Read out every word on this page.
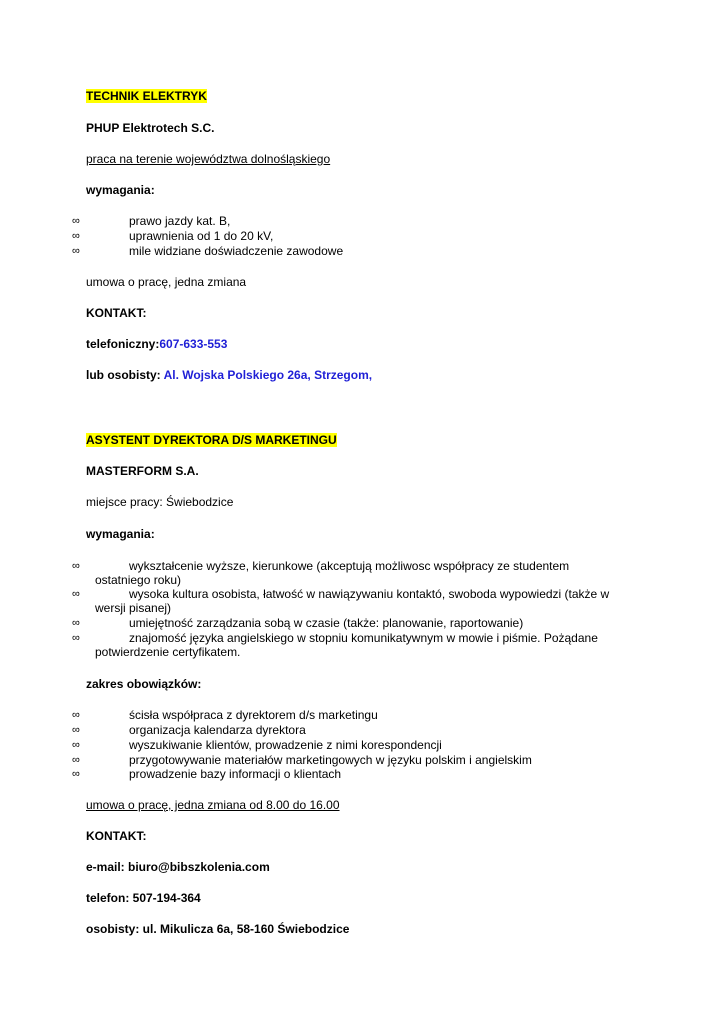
TECHNIK ELEKTRYK
PHUP Elektrotech S.C.
praca na terenie województwa dolnośląskiego
wymagania:
∞	prawo jazdy kat. B,
∞	uprawnienia od 1 do 20 kV,
∞	mile widziane doświadczenie zawodowe
umowa o pracę, jedna zmiana
KONTAKT:
telefoniczny:607-633-553
lub osobisty: Al. Wojska Polskiego 26a, Strzegom,
ASYSTENT DYREKTORA D/S MARKETINGU
MASTERFORM S.A.
miejsce pracy: Świebodzice
wymagania:
∞	wykształcenie wyższe, kierunkowe (akceptują możliwosc współpracy ze studentem
ostatniego roku)
∞	wysoka kultura osobista, łatwość w nawiązywaniu kontaktó, swoboda wypowiedzi (także w
wersji pisanej)
∞	umiejętność zarządzania sobą w czasie (także: planowanie, raportowanie)
∞	znajomość języka angielskiego w stopniu komunikatywnym w mowie i piśmie. Pożądane
potwierdzenie certyfikatem.
zakres obowiązków:
∞	ścisła współpraca z dyrektorem d/s marketingu
∞	organizacja kalendarza dyrektora
∞	wyszukiwanie klientów, prowadzenie z nimi korespondencji
∞	przygotowywanie materiałów marketingowych w języku polskim i angielskim
∞	prowadzenie bazy informacji o klientach
umowa o pracę, jedna zmiana od 8.00 do 16.00
KONTAKT:
e-mail: biuro@bibszkolenia.com
telefon: 507-194-364
osobisty: ul. Mikulicza 6a, 58-160 Świebodzice
